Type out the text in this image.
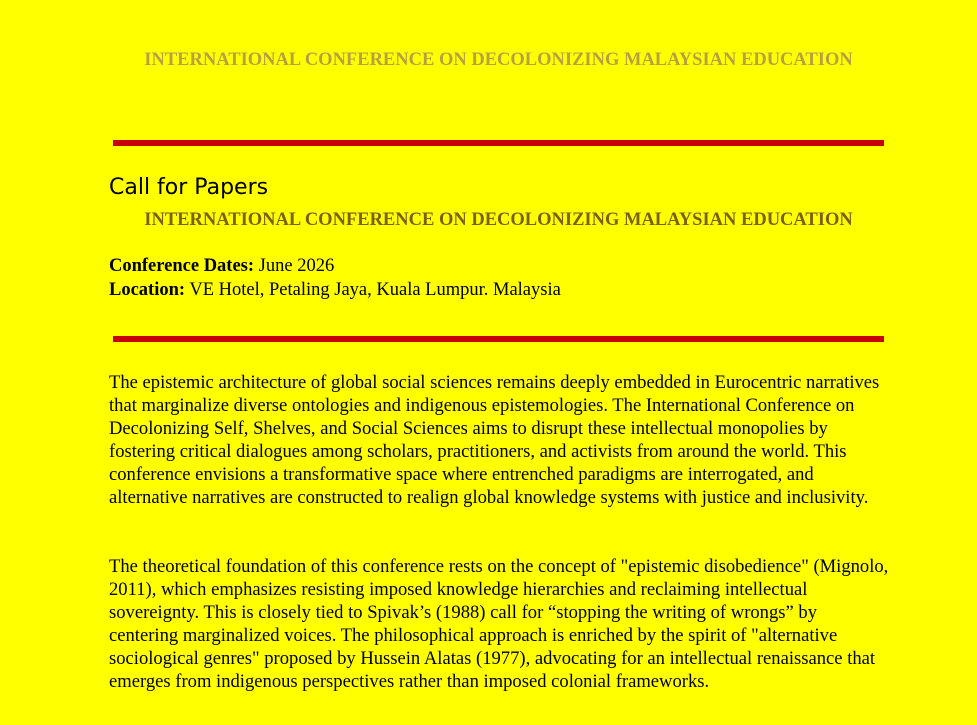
INTERNATIONAL CONFERENCE ON DECOLONIZING MALAYSIAN EDUCATION
Call for Papers
INTERNATIONAL CONFERENCE ON DECOLONIZING MALAYSIAN EDUCATION
Conference Dates: June 2026
Location: VE Hotel, Petaling Jaya, Kuala Lumpur. Malaysia

The epistemic architecture of global social sciences remains deeply embedded in Eurocentric narratives that marginalize diverse ontologies and indigenous epistemologies. The International Conference on Decolonizing Self, Shelves, and Social Sciences aims to disrupt these intellectual monopolies by fostering critical dialogues among scholars, practitioners, and activists from around the world. This conference envisions a transformative space where entrenched paradigms are interrogated, and alternative narratives are constructed to realign global knowledge systems with justice and inclusivity.

The theoretical foundation of this conference rests on the concept of "epistemic disobedience" (Mignolo, 2011), which emphasizes resisting imposed knowledge hierarchies and reclaiming intellectual sovereignty. This is closely tied to Spivak’s (1988) call for “stopping the writing of wrongs” by centering marginalized voices. The philosophical approach is enriched by the spirit of "alternative sociological genres" proposed by Hussein Alatas (1977), advocating for an intellectual renaissance that emerges from indigenous perspectives rather than imposed colonial frameworks.
